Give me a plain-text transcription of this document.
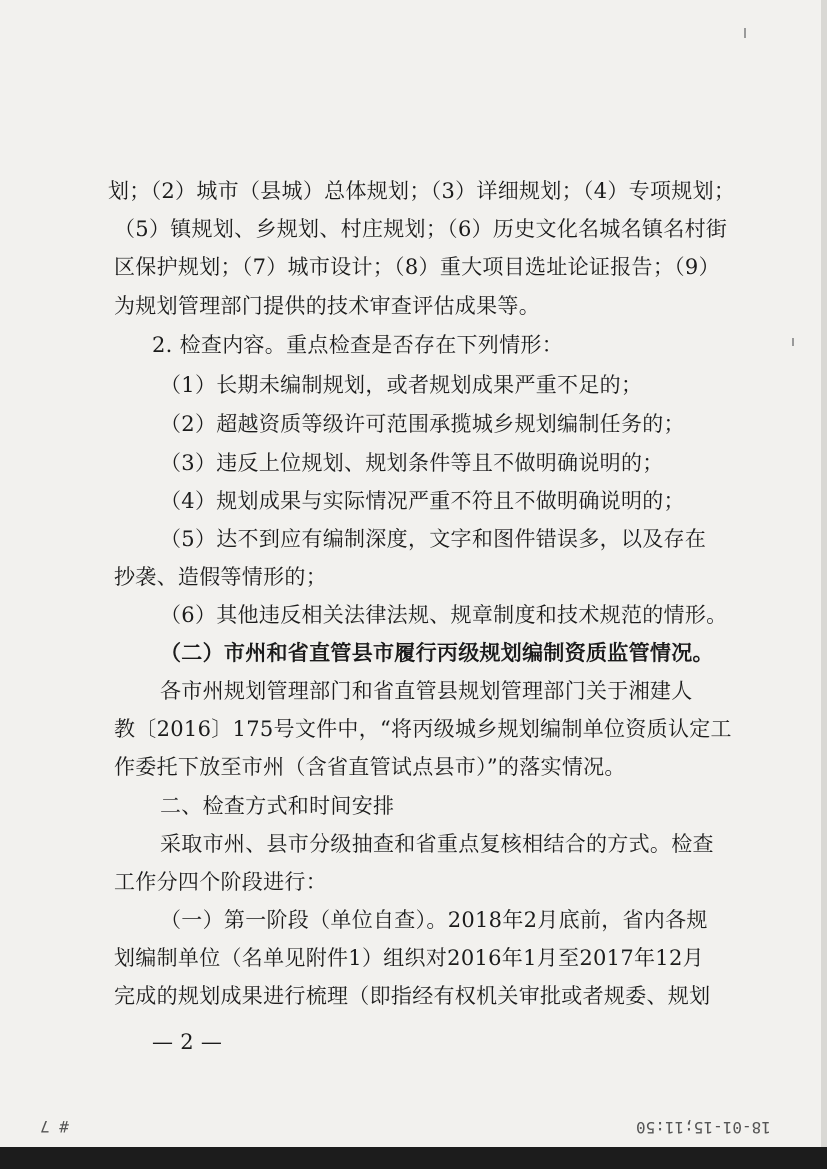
划；（2）城市（县城）总体规划；（3）详细规划；（4）专项规划；
（5）镇规划、乡规划、村庄规划；（6）历史文化名城名镇名村街
区保护规划；（7）城市设计；（8）重大项目选址论证报告；（9）
为规划管理部门提供的技术审查评估成果等。
2. 检查内容。重点检查是否存在下列情形：
（1）长期未编制规划，或者规划成果严重不足的；
（2）超越资质等级许可范围承揽城乡规划编制任务的；
（3）违反上位规划、规划条件等且不做明确说明的；
（4）规划成果与实际情况严重不符且不做明确说明的；
（5）达不到应有编制深度，文字和图件错误多，以及存在
抄袭、造假等情形的；
（6）其他违反相关法律法规、规章制度和技术规范的情形。
（二）市州和省直管县市履行丙级规划编制资质监管情况。
各市州规划管理部门和省直管县规划管理部门关于湘建人
教〔2016〕175号文件中，“将丙级城乡规划编制单位资质认定工
作委托下放至市州（含省直管试点县市）”的落实情况。
二、检查方式和时间安排
采取市州、县市分级抽查和省重点复核相结合的方式。检查
工作分四个阶段进行：
（一）第一阶段（单位自查）。2018年2月底前，省内各规
划编制单位（名单见附件1）组织对2016年1月至2017年12月
完成的规划成果进行梳理（即指经有权机关审批或者规委、规划
— 2 —
# 7	18-01-15;11:50
